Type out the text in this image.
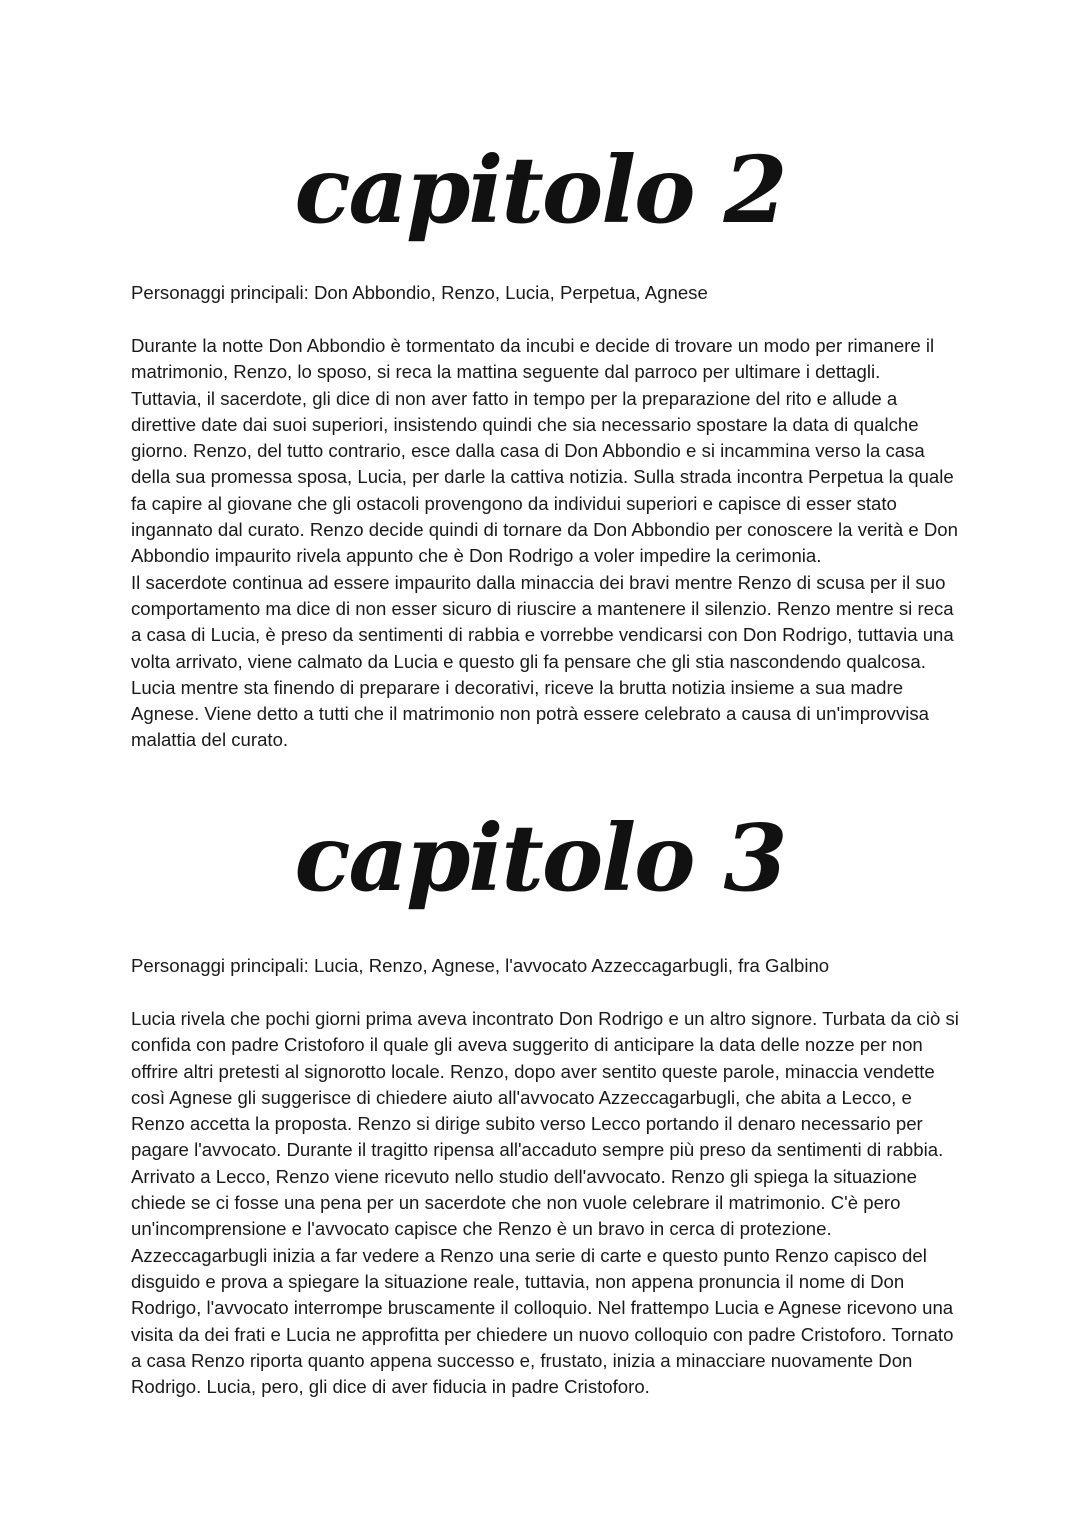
capitolo 2

Personaggi principali: Don Abbondio, Renzo, Lucia, Perpetua, Agnese

Durante la notte Don Abbondio è tormentato da incubi e decide di trovare un modo per rimanere il matrimonio, Renzo, lo sposo, si reca la mattina seguente dal parroco per ultimare i dettagli.

Tuttavia, il sacerdote, gli dice di non aver fatto in tempo per la preparazione del rito e allude a direttive date dai suoi superiori, insistendo quindi che sia necessario spostare la data di qualche giorno. Renzo, del tutto contrario, esce dalla casa di Don Abbondio e si incammina verso la casa della sua promessa sposa, Lucia, per darle la cattiva notizia. Sulla strada incontra Perpetua la quale fa capire al giovane che gli ostacoli provengono da individui superiori e capisce di esser stato ingannato dal curato. Renzo decide quindi di tornare da Don Abbondio per conoscere la verità e Don Abbondio impaurito rivela appunto che è Don Rodrigo a voler impedire la cerimonia.

Il sacerdote continua ad essere impaurito dalla minaccia dei bravi mentre Renzo di scusa per il suo comportamento ma dice di non esser sicuro di riuscire a mantenere il silenzio. Renzo mentre si reca a casa di Lucia, è preso da sentimenti di rabbia e vorrebbe vendicarsi con Don Rodrigo, tuttavia una volta arrivato, viene calmato da Lucia e questo gli fa pensare che gli stia nascondendo qualcosa. Lucia mentre sta finendo di preparare i decorativi, riceve la brutta notizia insieme a sua madre Agnese. Viene detto a tutti che il matrimonio non potrà essere celebrato a causa di un'improvvisa malattia del curato.

capitolo 3

Personaggi principali: Lucia, Renzo, Agnese, l'avvocato Azzeccagarbugli, fra Galbino

Lucia rivela che pochi giorni prima aveva incontrato Don Rodrigo e un altro signore. Turbata da ciò si confida con padre Cristoforo il quale gli aveva suggerito di anticipare la data delle nozze per non offrire altri pretesti al signorotto locale. Renzo, dopo aver sentito queste parole, minaccia vendette così Agnese gli suggerisce di chiedere aiuto all'avvocato Azzeccagarbugli, che abita a Lecco, e Renzo accetta la proposta. Renzo si dirige subito verso Lecco portando il denaro necessario per pagare l'avvocato. Durante il tragitto ripensa all'accaduto sempre più preso da sentimenti di rabbia. Arrivato a Lecco, Renzo viene ricevuto nello studio dell'avvocato. Renzo gli spiega la situazione chiede se ci fosse una pena per un sacerdote che non vuole celebrare il matrimonio. C'è pero un'incomprensione e l'avvocato capisce che Renzo è un bravo in cerca di protezione. Azzeccagarbugli inizia a far vedere a Renzo una serie di carte e questo punto Renzo capisco del disguido e prova a spiegare la situazione reale, tuttavia, non appena pronuncia il nome di Don Rodrigo, l'avvocato interrompe bruscamente il colloquio. Nel frattempo Lucia e Agnese ricevono una visita da dei frati e Lucia ne approfitta per chiedere un nuovo colloquio con padre Cristoforo. Tornato a casa Renzo riporta quanto appena successo e, frustato, inizia a minacciare nuovamente Don Rodrigo. Lucia, pero, gli dice di aver fiducia in padre Cristoforo.
